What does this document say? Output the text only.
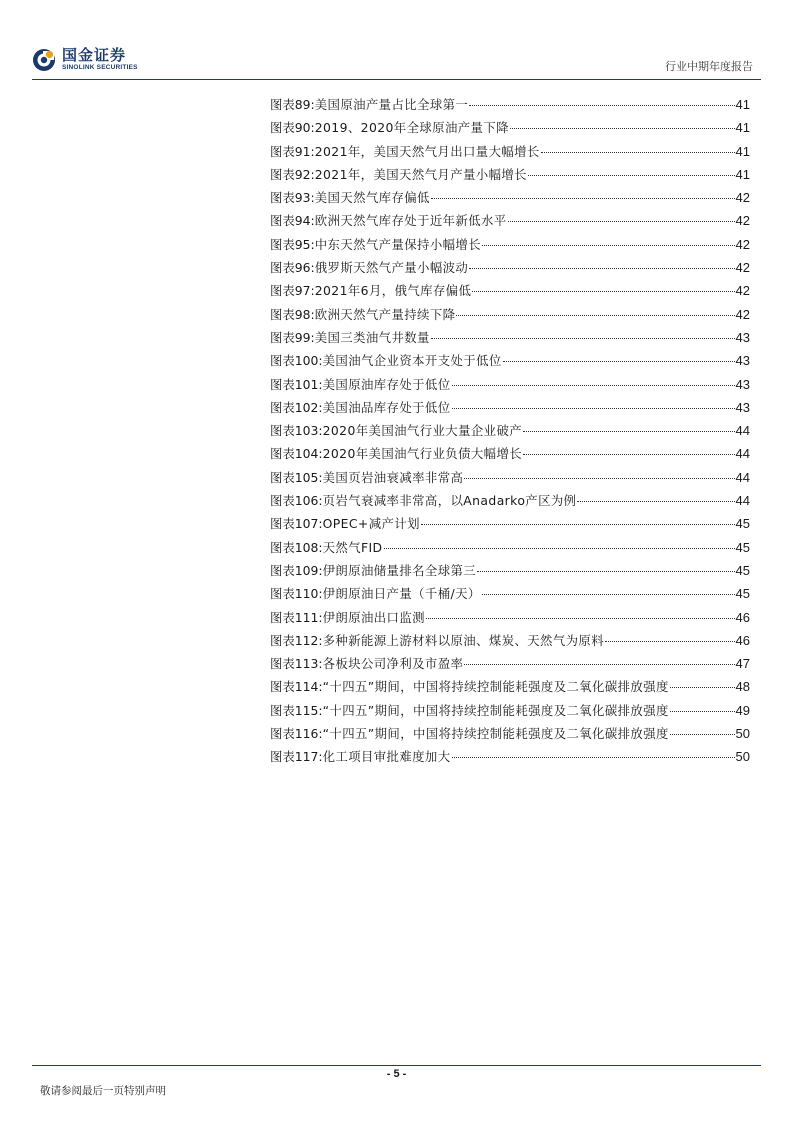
国金证券
SINOLINK SECURITIES	行业中期年度报告
图表89: 美国原油产量占比全球第一	41
图表90: 2019、2020年全球原油产量下降	41
图表91: 2021年，美国天然气月出口量大幅增长	41
图表92: 2021年，美国天然气月产量小幅增长	41
图表93: 美国天然气库存偏低	42
图表94: 欧洲天然气库存处于近年新低水平	42
图表95: 中东天然气产量保持小幅增长	42
图表96: 俄罗斯天然气产量小幅波动	42
图表97: 2021年6月，俄气库存偏低	42
图表98: 欧洲天然气产量持续下降	42
图表99: 美国三类油气井数量	43
图表100: 美国油气企业资本开支处于低位	43
图表101: 美国原油库存处于低位	43
图表102: 美国油品库存处于低位	43
图表103: 2020年美国油气行业大量企业破产	44
图表104: 2020年美国油气行业负债大幅增长	44
图表105: 美国页岩油衰减率非常高	44
图表106: 页岩气衰减率非常高，以Anadarko产区为例	44
图表107: OPEC+减产计划	45
图表108: 天然气FID	45
图表109: 伊朗原油储量排名全球第三	45
图表110: 伊朗原油日产量（千桶/天）	45
图表111: 伊朗原油出口监测	46
图表112: 多种新能源上游材料以原油、煤炭、天然气为原料	46
图表113: 各板块公司净利及市盈率	47
图表114: “十四五”期间，中国将持续控制能耗强度及二氧化碳排放强度	48
图表115: “十四五”期间，中国将持续控制能耗强度及二氧化碳排放强度	49
图表116: “十四五”期间，中国将持续控制能耗强度及二氧化碳排放强度	50
图表117: 化工项目审批难度加大	50
- 5 -
敬请参阅最后一页特别声明
